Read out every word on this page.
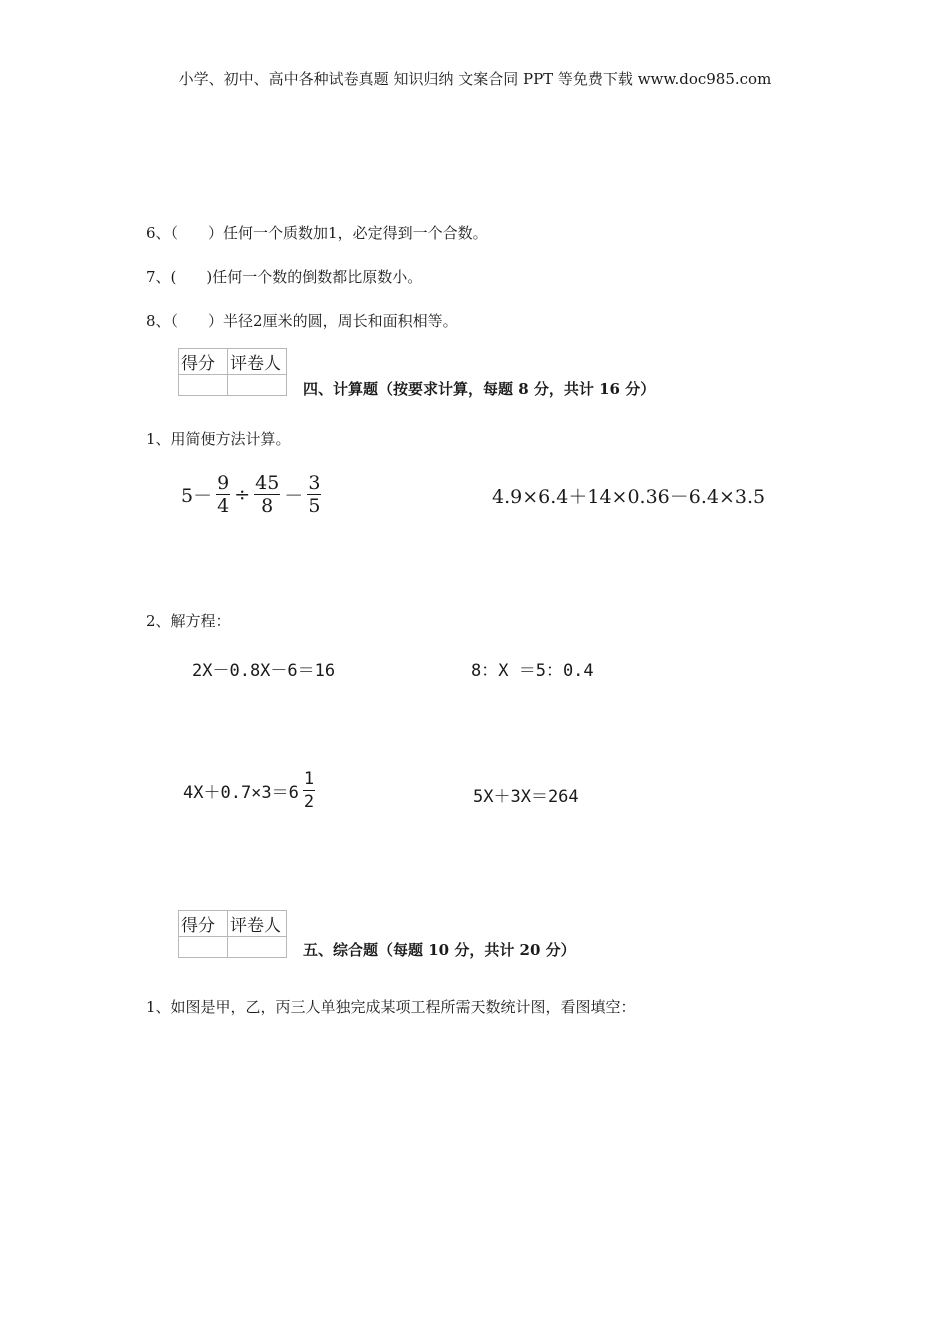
小学、初中、高中各种试卷真题 知识归纳 文案合同 PPT 等免费下载 www.doc985.com
6、（　　）任何一个质数加1，必定得到一个合数。
7、(　　)任何一个数的倒数都比原数小。
8、（　　）半径2厘米的圆，周长和面积相等。
得分	评卷人

四、计算题（按要求计算，每题 8 分，共计 16 分）
1、用简便方法计算。
$5- \frac{9}{4} \div \frac{45}{8} - \frac{3}{5}$	4.9×6.4＋14×0.36－6.4×3.5
2、解方程：
2X－0.8X－6＝16	8：X ＝5：0.4
$4X+0.7\times 3=6 \frac{1}{2}$	5X＋3X＝264
得分	评卷人

五、综合题（每题 10 分，共计 20 分）
1、如图是甲，乙，丙三人单独完成某项工程所需天数统计图，看图填空：
